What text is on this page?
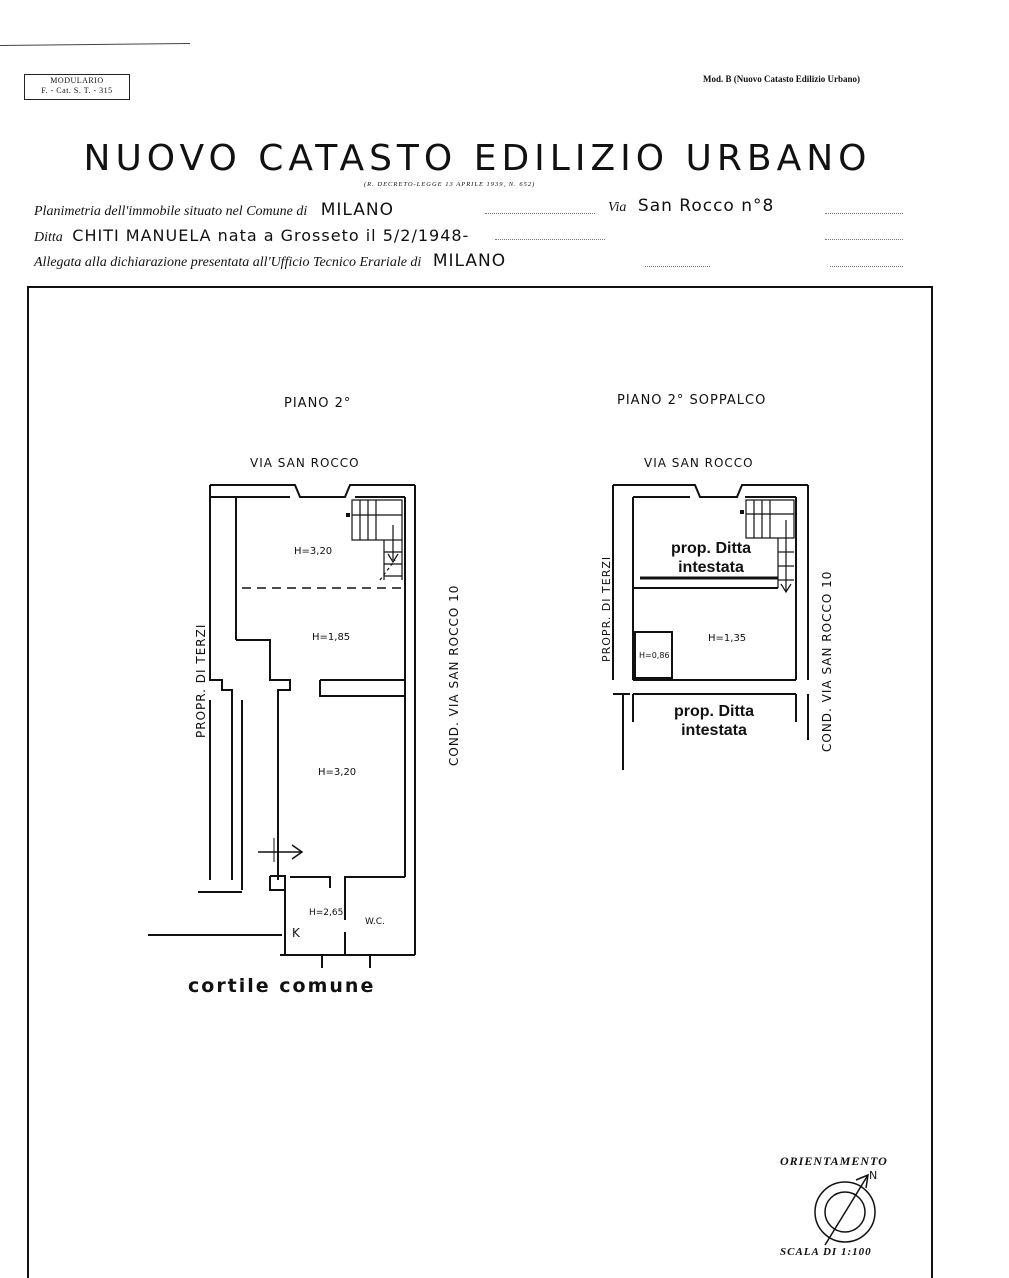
MODULARIO
F. - Cat. S. T. - 315
Mod. B (Nuovo Catasto Edilizio Urbano)
NUOVO CATASTO EDILIZIO URBANO
(R. DECRETO-LEGGE 13 APRILE 1939, N. 652)
Planimetria dell'immobile situato nel Comune di MILANO	Via San Rocco n°8
Ditta CHITI MANUELA nata a Grosseto il 5/2/1948-
Allegata alla dichiarazione presentata all'Ufficio Tecnico Erariale di MILANO
PIANO 2°
VIA SAN ROCCO
H=3,20
H=1,85
H=3,20
H=2,65
W.C.
K
PROPR. DI TERZI	COND. VIA SAN ROCCO 10
cortile comune
PIANO 2° SOPPALCO
VIA SAN ROCCO
prop. Ditta intestata
H=1,35
H=0,86
prop. Ditta intestata
PROPR. DI TERZI	COND. VIA SAN ROCCO 10
ORIENTAMENTO
N
SCALA DI 1:100
